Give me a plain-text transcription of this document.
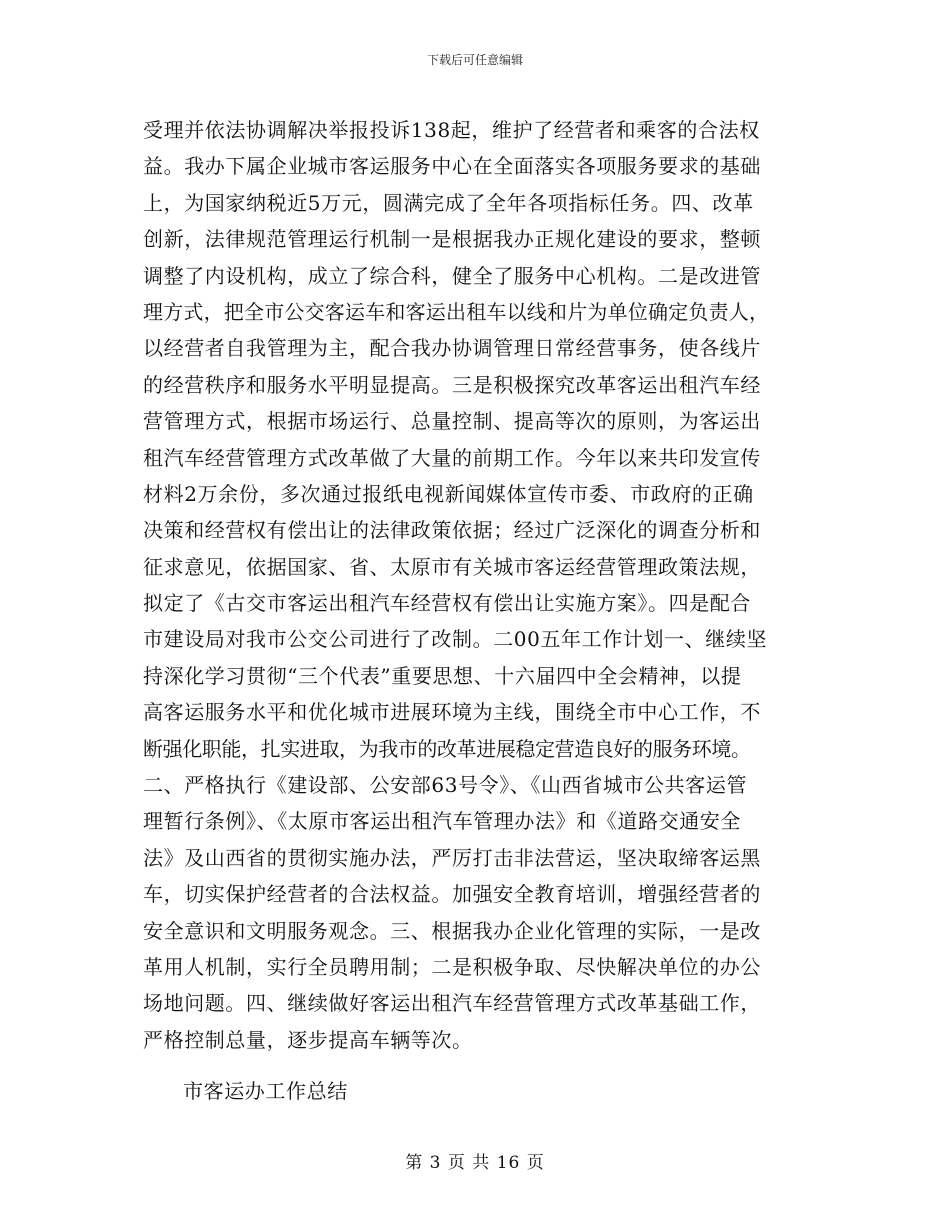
下载后可任意编辑
受理并依法协调解决举报投诉138起，维护了经营者和乘客的合法权
益。我办下属企业城市客运服务中心在全面落实各项服务要求的基础
上，为国家纳税近5万元，圆满完成了全年各项指标任务。四、改革
创新，法律规范管理运行机制一是根据我办正规化建设的要求，整顿
调整了内设机构，成立了综合科，健全了服务中心机构。二是改进管
理方式，把全市公交客运车和客运出租车以线和片为单位确定负责人，
以经营者自我管理为主，配合我办协调管理日常经营事务，使各线片
的经营秩序和服务水平明显提高。三是积极探究改革客运出租汽车经
营管理方式，根据市场运行、总量控制、提高等次的原则，为客运出
租汽车经营管理方式改革做了大量的前期工作。今年以来共印发宣传
材料2万余份，多次通过报纸电视新闻媒体宣传市委、市政府的正确
决策和经营权有偿出让的法律政策依据；经过广泛深化的调查分析和
征求意见，依据国家、省、太原市有关城市客运经营管理政策法规，
拟定了《古交市客运出租汽车经营权有偿出让实施方案》。四是配合
市建设局对我市公交公司进行了改制。二00五年工作计划一、继续坚
持深化学习贯彻“三个代表”重要思想、十六届四中全会精神，以提
高客运服务水平和优化城市进展环境为主线，围绕全市中心工作，不
断强化职能，扎实进取，为我市的改革进展稳定营造良好的服务环境。
二、严格执行《建设部、公安部63号令》、《山西省城市公共客运管
理暂行条例》、《太原市客运出租汽车管理办法》和《道路交通安全
法》及山西省的贯彻实施办法，严厉打击非法营运，坚决取缔客运黑
车，切实保护经营者的合法权益。加强安全教育培训，增强经营者的
安全意识和文明服务观念。三、根据我办企业化管理的实际，一是改
革用人机制，实行全员聘用制；二是积极争取、尽快解决单位的办公
场地问题。四、继续做好客运出租汽车经营管理方式改革基础工作，
严格控制总量，逐步提高车辆等次。
市客运办工作总结
第 3 页 共 16 页
